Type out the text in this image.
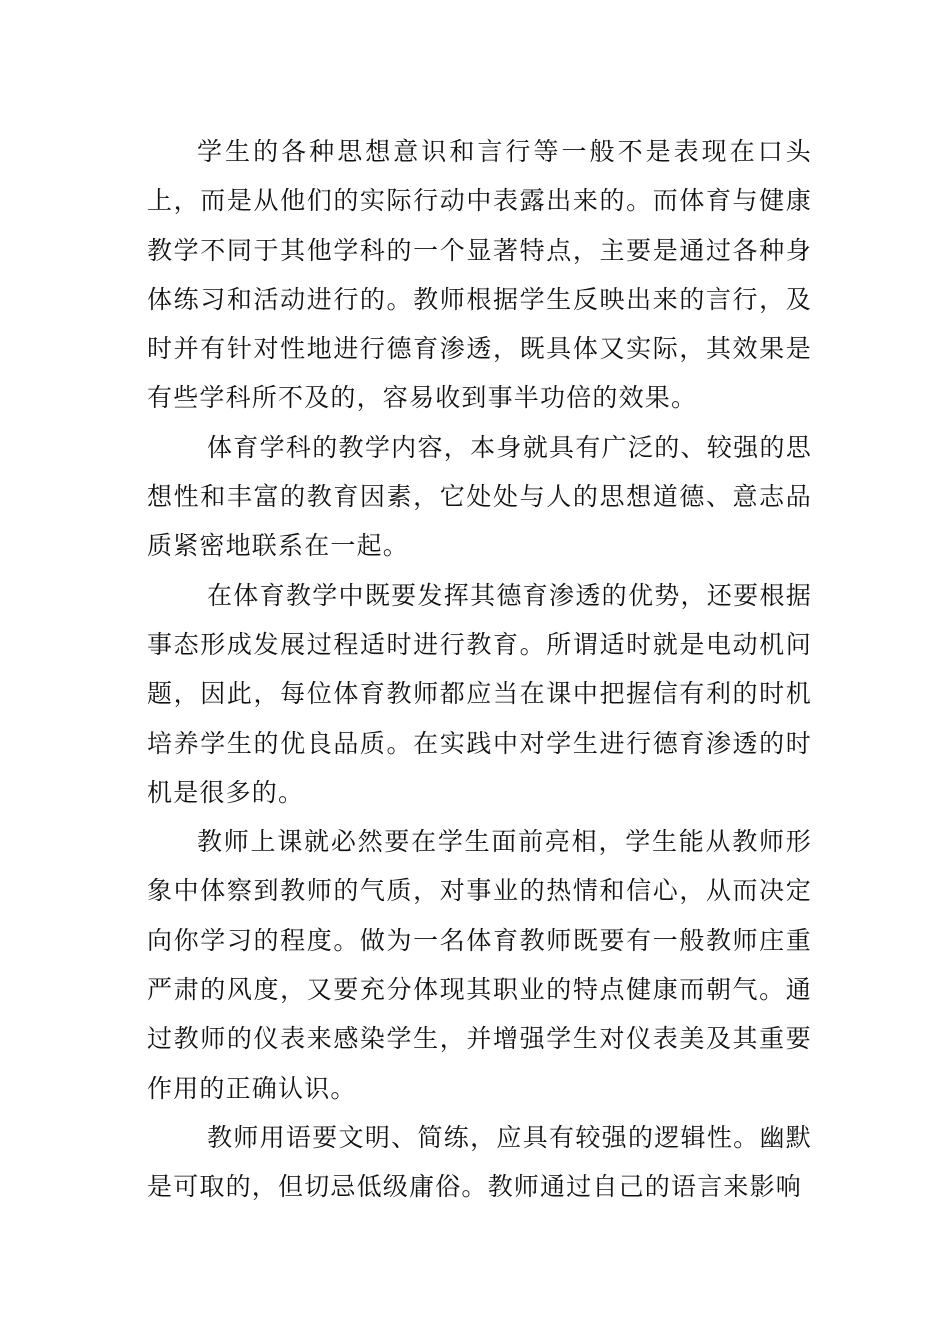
学生的各种思想意识和言行等一般不是表现在口头上，而是从他们的实际行动中表露出来的。而体育与健康教学不同于其他学科的一个显著特点，主要是通过各种身体练习和活动进行的。教师根据学生反映出来的言行，及时并有针对性地进行德育渗透，既具体又实际，其效果是有些学科所不及的，容易收到事半功倍的效果。

体育学科的教学内容，本身就具有广泛的、较强的思想性和丰富的教育因素，它处处与人的思想道德、意志品质紧密地联系在一起。

在体育教学中既要发挥其德育渗透的优势，还要根据事态形成发展过程适时进行教育。所谓适时就是电动机问题，因此，每位体育教师都应当在课中把握信有利的时机培养学生的优良品质。在实践中对学生进行德育渗透的时机是很多的。

教师上课就必然要在学生面前亮相，学生能从教师形象中体察到教师的气质，对事业的热情和信心，从而决定向你学习的程度。做为一名体育教师既要有一般教师庄重严肃的风度，又要充分体现其职业的特点健康而朝气。通过教师的仪表来感染学生，并增强学生对仪表美及其重要作用的正确认识。

教师用语要文明、简练，应具有较强的逻辑性。幽默是可取的，但切忌低级庸俗。教师通过自己的语言来影响
